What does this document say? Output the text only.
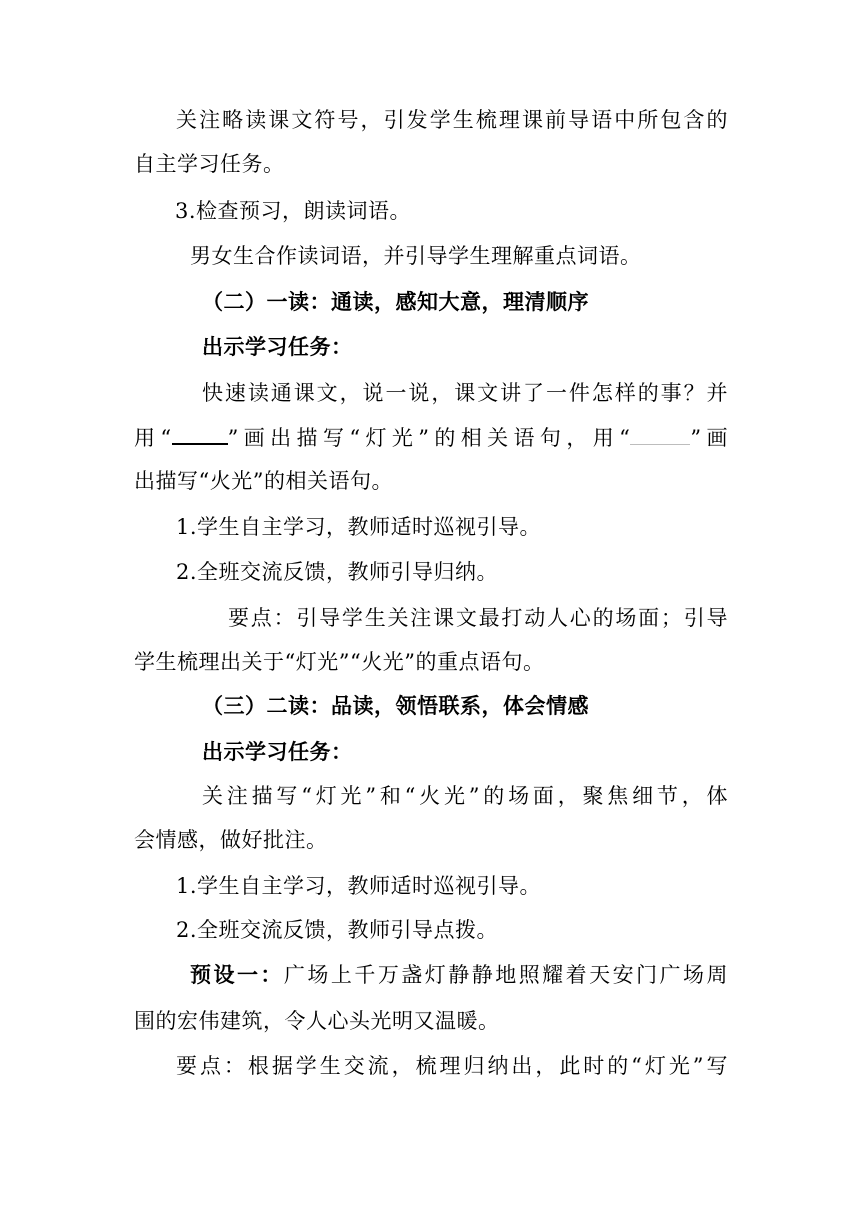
关注略读课文符号，引发学生梳理课前导语中所包含的
自主学习任务。
3.检查预习，朗读词语。
男女生合作读词语，并引导学生理解重点词语。
（二）一读：通读，感知大意，理清顺序
出示学习任务：
快速读通课文，说一说，课文讲了一件怎样的事？并
用“	”画出描写“灯光”的相关语句，用“	”画
出描写“火光”的相关语句。
1.学生自主学习，教师适时巡视引导。
2.全班交流反馈，教师引导归纳。
要点：引导学生关注课文最打动人心的场面；引导
学生梳理出关于“灯光”“火光”的重点语句。
（三）二读：品读，领悟联系，体会情感
出示学习任务：
关注描写“灯光”和“火光”的场面，聚焦细节，体
会情感，做好批注。
1.学生自主学习，教师适时巡视引导。
2.全班交流反馈，教师引导点拨。
预设一：广场上千万盏灯静静地照耀着天安门广场周
围的宏伟建筑，令人心头光明又温暖。
要点：根据学生交流，梳理归纳出，此时的“灯光”写
